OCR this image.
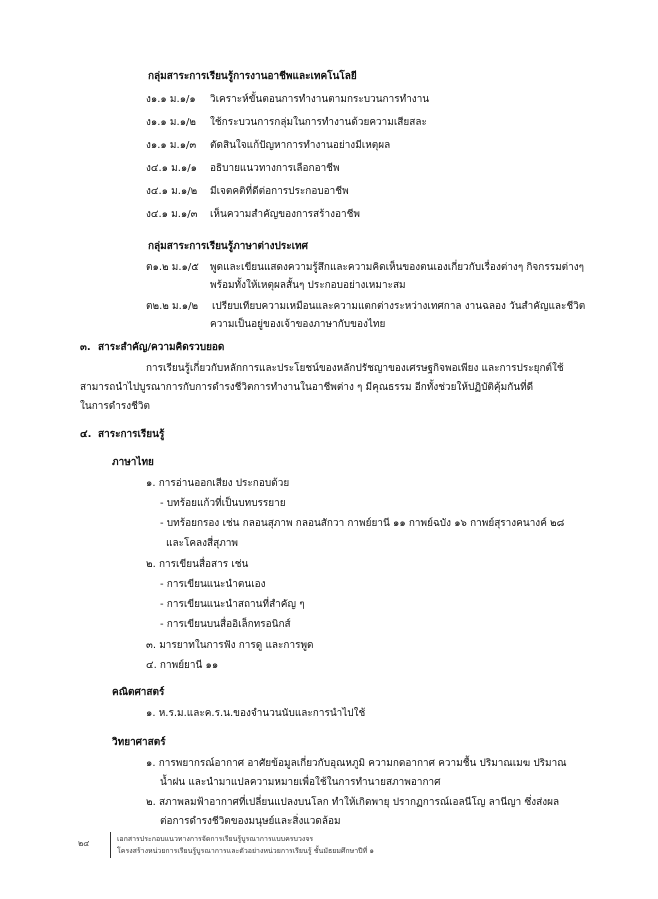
กลุ่มสาระการเรียนรู้การงานอาชีพและเทคโนโลยี
ง๑.๑ ม.๑/๑ วิเคราะห์ขั้นตอนการทำงานตามกระบวนการทำงาน
ง๑.๑ ม.๑/๒ ใช้กระบวนการกลุ่มในการทำงานด้วยความเสียสละ
ง๑.๑ ม.๑/๓ ตัดสินใจแก้ปัญหาการทำงานอย่างมีเหตุผล
ง๔.๑ ม.๑/๑ อธิบายแนวทางการเลือกอาชีพ
ง๔.๑ ม.๑/๒ มีเจตคติที่ดีต่อการประกอบอาชีพ
ง๔.๑ ม.๑/๓ เห็นความสำคัญของการสร้างอาชีพ
กลุ่มสาระการเรียนรู้ภาษาต่างประเทศ
ต๑.๒ ม.๑/๕ พูดและเขียนแสดงความรู้สึกและความคิดเห็นของตนเองเกี่ยวกับเรื่องต่างๆ กิจกรรมต่างๆ
พร้อมทั้งให้เหตุผลสั้นๆ ประกอบอย่างเหมาะสม
ต๒.๒ ม.๑/๒ เปรียบเทียบความเหมือนและความแตกต่างระหว่างเทศกาล งานฉลอง วันสำคัญและชีวิต
ความเป็นอยู่ของเจ้าของภาษากับของไทย
๓. สาระสำคัญ/ความคิดรวบยอด
การเรียนรู้เกี่ยวกับหลักการและประโยชน์ของหลักปรัชญาของเศรษฐกิจพอเพียง และการประยุกต์ใช้
สามารถนำไปบูรณาการกับการดำรงชีวิตการทำงานในอาชีพต่าง ๆ มีคุณธรรม อีกทั้งช่วยให้ปฏิบัติคุ้มกันที่ดี
ในการดำรงชีวิต
๔. สาระการเรียนรู้
ภาษาไทย
๑. การอ่านออกเสียง ประกอบด้วย
- บทร้อยแก้วที่เป็นบทบรรยาย
- บทร้อยกรอง เช่น กลอนสุภาพ กลอนสักวา กาพย์ยานี ๑๑ กาพย์ฉบัง ๑๖ กาพย์สุรางคนางค์ ๒๘
และโคลงสี่สุภาพ
๒. การเขียนสื่อสาร เช่น
- การเขียนแนะนำตนเอง
- การเขียนแนะนำสถานที่สำคัญ ๆ
- การเขียนบนสื่ออิเล็กทรอนิกส์
๓. มารยาทในการฟัง การดู และการพูด
๔. กาพย์ยานี ๑๑
คณิตศาสตร์
๑. ห.ร.ม.และค.ร.น.ของจำนวนนับและการนำไปใช้
วิทยาศาสตร์
๑. การพยากรณ์อากาศ อาศัยข้อมูลเกี่ยวกับอุณหภูมิ ความกดอากาศ ความชื้น ปริมาณเมฆ ปริมาณ
น้ำฝน และนำมาแปลความหมายเพื่อใช้ในการทำนายสภาพอากาศ
๒. สภาพลมฟ้าอากาศที่เปลี่ยนแปลงบนโลก ทำให้เกิดพายุ ปรากฏการณ์เอลนีโญ ลานีญา ซึ่งส่งผล
ต่อการดำรงชีวิตของมนุษย์และสิ่งแวดล้อม
๒๔	เอกสารประกอบแนวทางการจัดการเรียนรู้บูรณาการแบบครบวงจร
โครงสร้างหน่วยการเรียนรู้บูรณาการและตัวอย่างหน่วยการเรียนรู้ ชั้นมัธยมศึกษาปีที่ ๑
